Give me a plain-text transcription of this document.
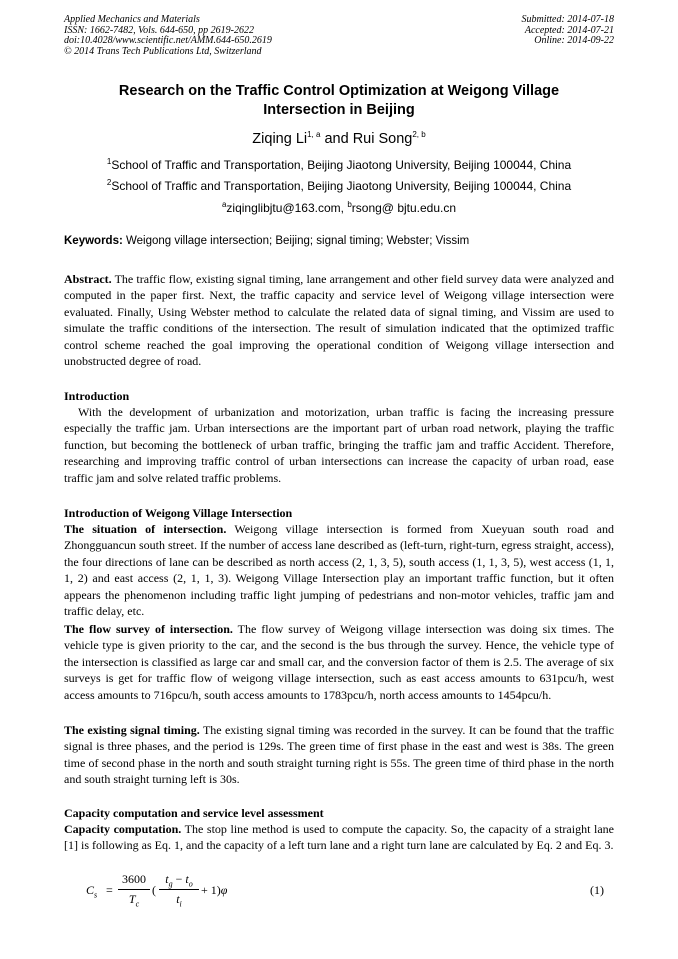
Applied Mechanics and Materials
ISSN: 1662-7482, Vols. 644-650, pp 2619-2622
doi:10.4028/www.scientific.net/AMM.644-650.2619
© 2014 Trans Tech Publications Ltd, Switzerland
Submitted: 2014-07-18
Accepted: 2014-07-21
Online: 2014-09-22
Research on the Traffic Control Optimization at Weigong Village
Intersection in Beijing
Ziqing Li$^{1, a}$ and Rui Song$^{2, b}$
$^1$School of Traffic and Transportation, Beijing Jiaotong University, Beijing 100044, China
$^2$School of Traffic and Transportation, Beijing Jiaotong University, Beijing 100044, China
$^a$ziqinglibjtu@163.com, $^b$rsong@ bjtu.edu.cn
Keywords: Weigong village intersection; Beijing; signal timing; Webster; Vissim
Abstract. The traffic flow, existing signal timing, lane arrangement and other field survey data were analyzed and computed in the paper first. Next, the traffic capacity and service level of Weigong village intersection were evaluated. Finally, Using Webster method to calculate the related data of signal timing, and Vissim are used to simulate the traffic conditions of the intersection. The result of simulation indicated that the optimized traffic control scheme reached the goal improving the operational condition of Weigong village intersection and unobstructed degree of road.
Introduction
With the development of urbanization and motorization, urban traffic is facing the increasing pressure especially the traffic jam. Urban intersections are the important part of urban road network, playing the traffic function, but becoming the bottleneck of urban traffic, bringing the traffic jam and traffic Accident. Therefore, researching and improving traffic control of urban intersections can increase the capacity of urban road, ease traffic jam and solve related traffic problems.
Introduction of Weigong Village Intersection
The situation of intersection. Weigong village intersection is formed from Xueyuan south road and Zhongguancun south street. If the number of access lane described as (left-turn, right-turn, egress straight, access), the four directions of lane can be described as north access (2, 1, 3, 5), south access (1, 1, 3, 5), west access (1, 1, 1, 2) and east access (2, 1, 1, 3). Weigong Village Intersection play an important traffic function, but it often appears the phenomenon including traffic light jumping of pedestrians and non-motor vehicles, traffic jam and traffic delay, etc.
The flow survey of intersection. The flow survey of Weigong village intersection was doing six times. The vehicle type is given priority to the car, and the second is the bus through the survey. Hence, the vehicle type of the intersection is classified as large car and small car, and the conversion factor of them is 2.5. The average of six surveys is get for traffic flow of weigong village intersection, such as east access amounts to 631pcu/h, west access amounts to 716pcu/h, south access amounts to 1783pcu/h, north access amounts to 1454pcu/h.
The existing signal timing. The existing signal timing was recorded in the survey. It can be found that the traffic signal is three phases, and the period is 129s. The green time of first phase in the east and west is 38s. The green time of second phase in the north and south straight turning right is 55s. The green time of third phase in the north and south straight turning left is 30s.
Capacity computation and service level assessment
Capacity computation. The stop line method is used to compute the capacity. So, the capacity of a straight lane [1] is following as Eq. 1, and the capacity of a left turn lane and a right turn lane are calculated by Eq. 2 and Eq. 3.
$C_s$ =
3600
$T_c$
(
$t_g - t_o$
$t_i$
+ 1)φ	(1)
